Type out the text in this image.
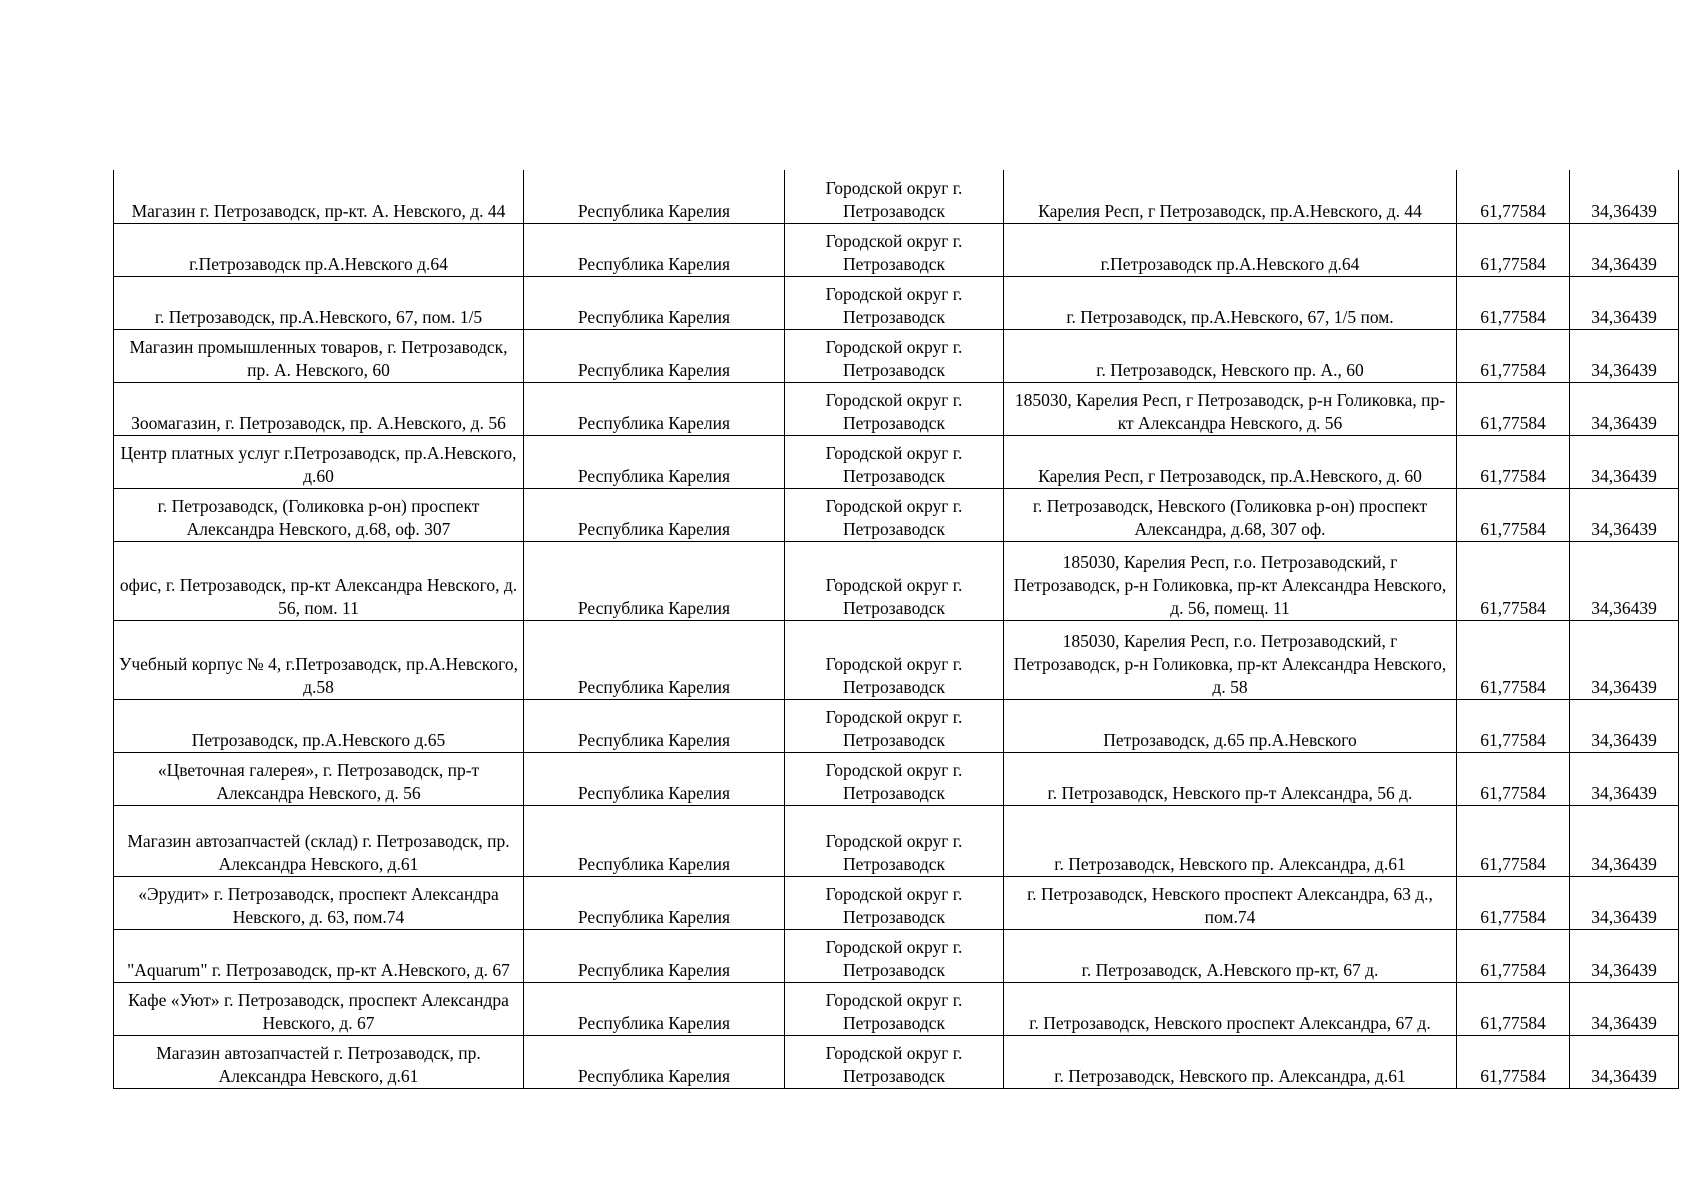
Магазин г. Петрозаводск, пр-кт. А. Невского, д. 44	Республика Карелия	Городской округ г. Петрозаводск	Карелия Респ, г Петрозаводск, пр.А.Невского, д. 44	61,77584	34,36439
г.Петрозаводск пр.А.Невского д.64	Республика Карелия	Городской округ г. Петрозаводск	г.Петрозаводск пр.А.Невского д.64	61,77584	34,36439
г. Петрозаводск, пр.А.Невского, 67, пом. 1/5	Республика Карелия	Городской округ г. Петрозаводск	г. Петрозаводск, пр.А.Невского, 67, 1/5 пом.	61,77584	34,36439
Магазин промышленных товаров, г. Петрозаводск, пр. А. Невского, 60	Республика Карелия	Городской округ г. Петрозаводск	г. Петрозаводск, Невского пр. А., 60	61,77584	34,36439
Зоомагазин, г. Петрозаводск, пр. А.Невского, д. 56	Республика Карелия	Городской округ г. Петрозаводск	185030, Карелия Респ, г Петрозаводск, р-н Голиковка, пр-кт Александра Невского, д. 56	61,77584	34,36439
Центр платных услуг г.Петрозаводск, пр.А.Невского, д.60	Республика Карелия	Городской округ г. Петрозаводск	Карелия Респ, г Петрозаводск, пр.А.Невского, д. 60	61,77584	34,36439
г. Петрозаводск, (Голиковка р-он) проспект Александра Невского, д.68, оф. 307	Республика Карелия	Городской округ г. Петрозаводск	г. Петрозаводск, Невского (Голиковка р-он) проспект Александра, д.68, 307 оф.	61,77584	34,36439
офис, г. Петрозаводск, пр-кт Александра Невского, д. 56, пом. 11	Республика Карелия	Городской округ г. Петрозаводск	185030, Карелия Респ, г.о. Петрозаводский, г Петрозаводск, р-н Голиковка, пр-кт Александра Невского, д. 56, помещ. 11	61,77584	34,36439
Учебный корпус № 4, г.Петрозаводск, пр.А.Невского, д.58	Республика Карелия	Городской округ г. Петрозаводск	185030, Карелия Респ, г.о. Петрозаводский, г Петрозаводск, р-н Голиковка, пр-кт Александра Невского, д. 58	61,77584	34,36439
Петрозаводск, пр.А.Невского д.65	Республика Карелия	Городской округ г. Петрозаводск	Петрозаводск, д.65 пр.А.Невского	61,77584	34,36439
«Цветочная галерея», г. Петрозаводск, пр-т Александра Невского, д. 56	Республика Карелия	Городской округ г. Петрозаводск	г. Петрозаводск, Невского пр-т Александра, 56 д.	61,77584	34,36439
Магазин автозапчастей (склад) г. Петрозаводск, пр. Александра Невского, д.61	Республика Карелия	Городской округ г. Петрозаводск	г. Петрозаводск, Невского пр. Александра, д.61	61,77584	34,36439
«Эрудит» г. Петрозаводск, проспект Александра Невского, д. 63, пом.74	Республика Карелия	Городской округ г. Петрозаводск	г. Петрозаводск, Невского проспект Александра, 63 д., пом.74	61,77584	34,36439
"Aquarum" г. Петрозаводск, пр-кт А.Невского, д. 67	Республика Карелия	Городской округ г. Петрозаводск	г. Петрозаводск, А.Невского пр-кт, 67 д.	61,77584	34,36439
Кафе «Уют» г. Петрозаводск, проспект Александра Невского, д. 67	Республика Карелия	Городской округ г. Петрозаводск	г. Петрозаводск, Невского проспект Александра, 67 д.	61,77584	34,36439
Магазин автозапчастей г. Петрозаводск, пр. Александра Невского, д.61	Республика Карелия	Городской округ г. Петрозаводск	г. Петрозаводск, Невского пр. Александра, д.61	61,77584	34,36439
